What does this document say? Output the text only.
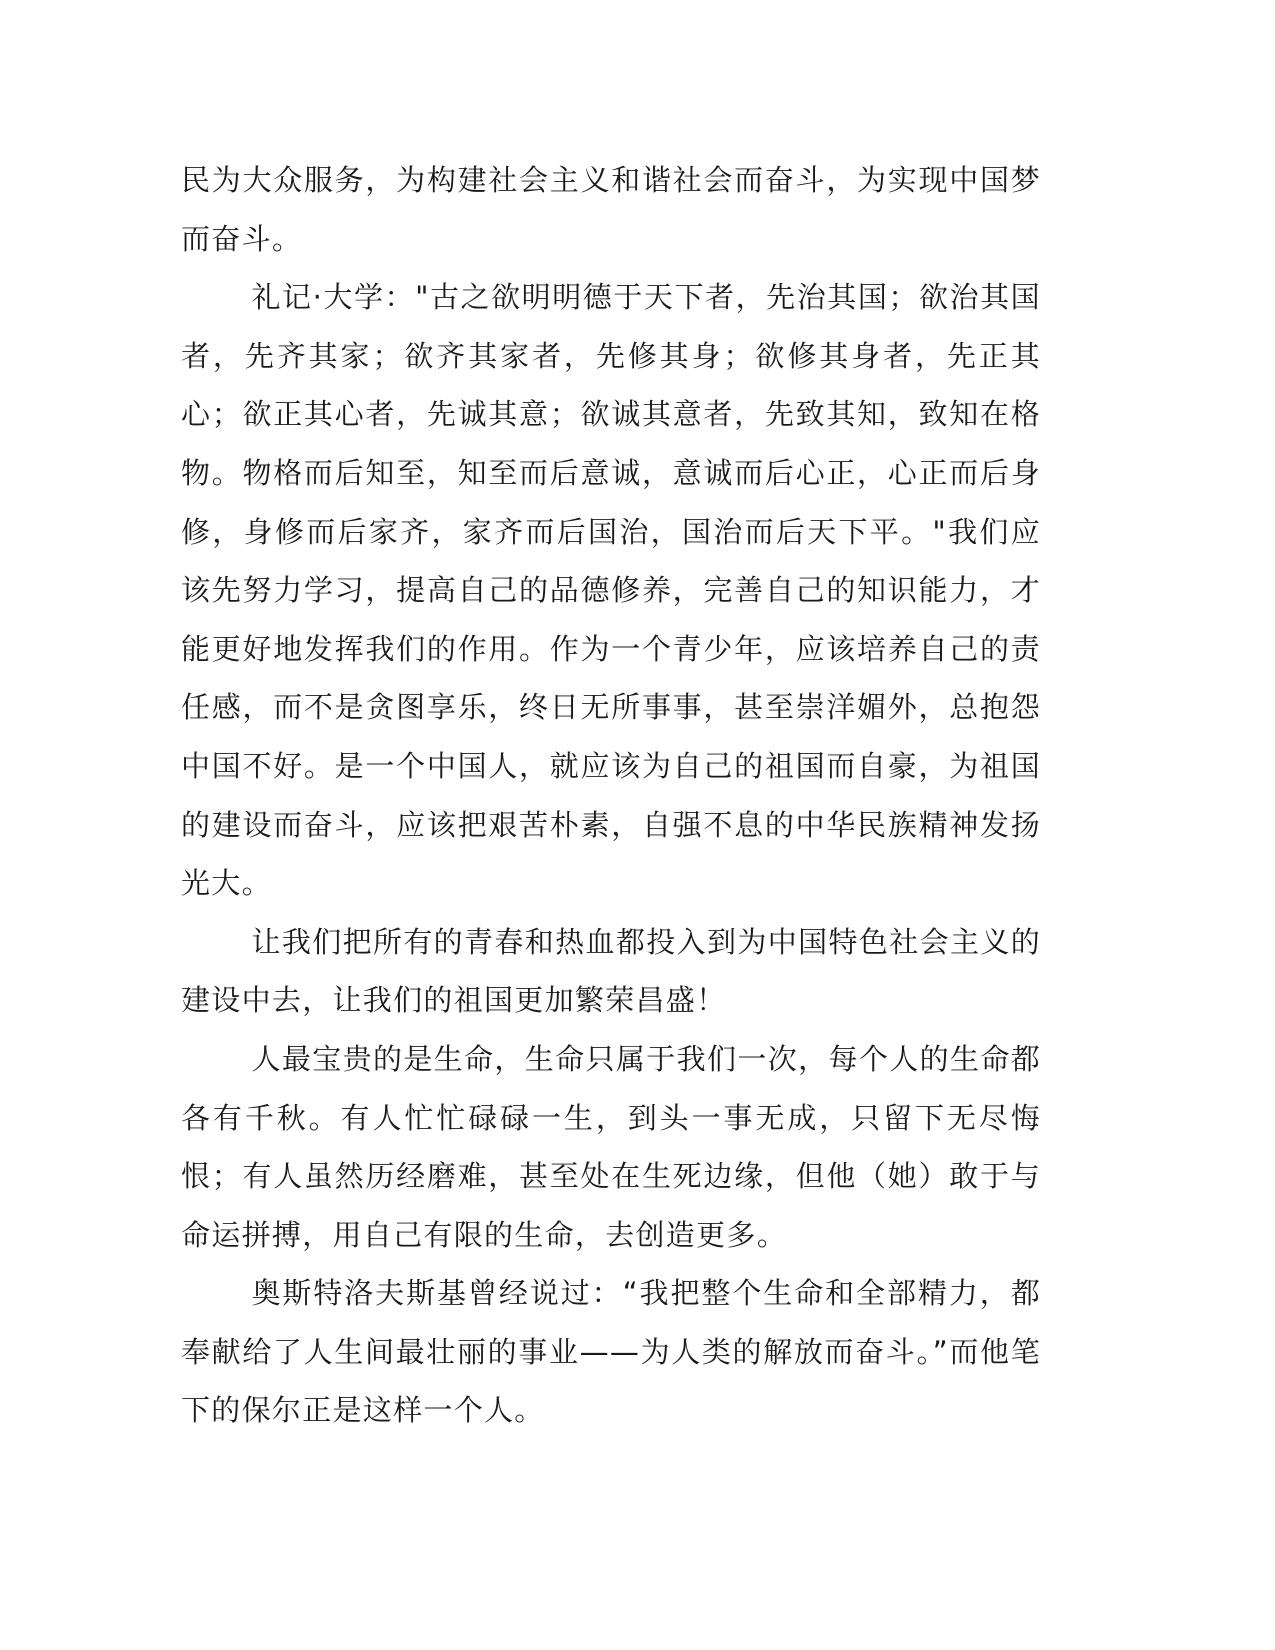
民为大众服务，为构建社会主义和谐社会而奋斗，为实现中国梦而奋斗。

礼记·大学："古之欲明明德于天下者，先治其国；欲治其国者，先齐其家；欲齐其家者，先修其身；欲修其身者，先正其心；欲正其心者，先诚其意；欲诚其意者，先致其知，致知在格物。物格而后知至，知至而后意诚，意诚而后心正，心正而后身修，身修而后家齐，家齐而后国治，国治而后天下平。"我们应该先努力学习，提高自己的品德修养，完善自己的知识能力，才能更好地发挥我们的作用。作为一个青少年，应该培养自己的责任感，而不是贪图享乐，终日无所事事，甚至崇洋媚外，总抱怨中国不好。是一个中国人，就应该为自己的祖国而自豪，为祖国的建设而奋斗，应该把艰苦朴素，自强不息的中华民族精神发扬光大。

让我们把所有的青春和热血都投入到为中国特色社会主义的建设中去，让我们的祖国更加繁荣昌盛！

人最宝贵的是生命，生命只属于我们一次，每个人的生命都各有千秋。有人忙忙碌碌一生，到头一事无成，只留下无尽悔恨；有人虽然历经磨难，甚至处在生死边缘，但他（她）敢于与命运拼搏，用自己有限的生命，去创造更多。

奥斯特洛夫斯基曾经说过：“我把整个生命和全部精力，都奉献给了人生间最壮丽的事业——为人类的解放而奋斗。”而他笔下的保尔正是这样一个人。
